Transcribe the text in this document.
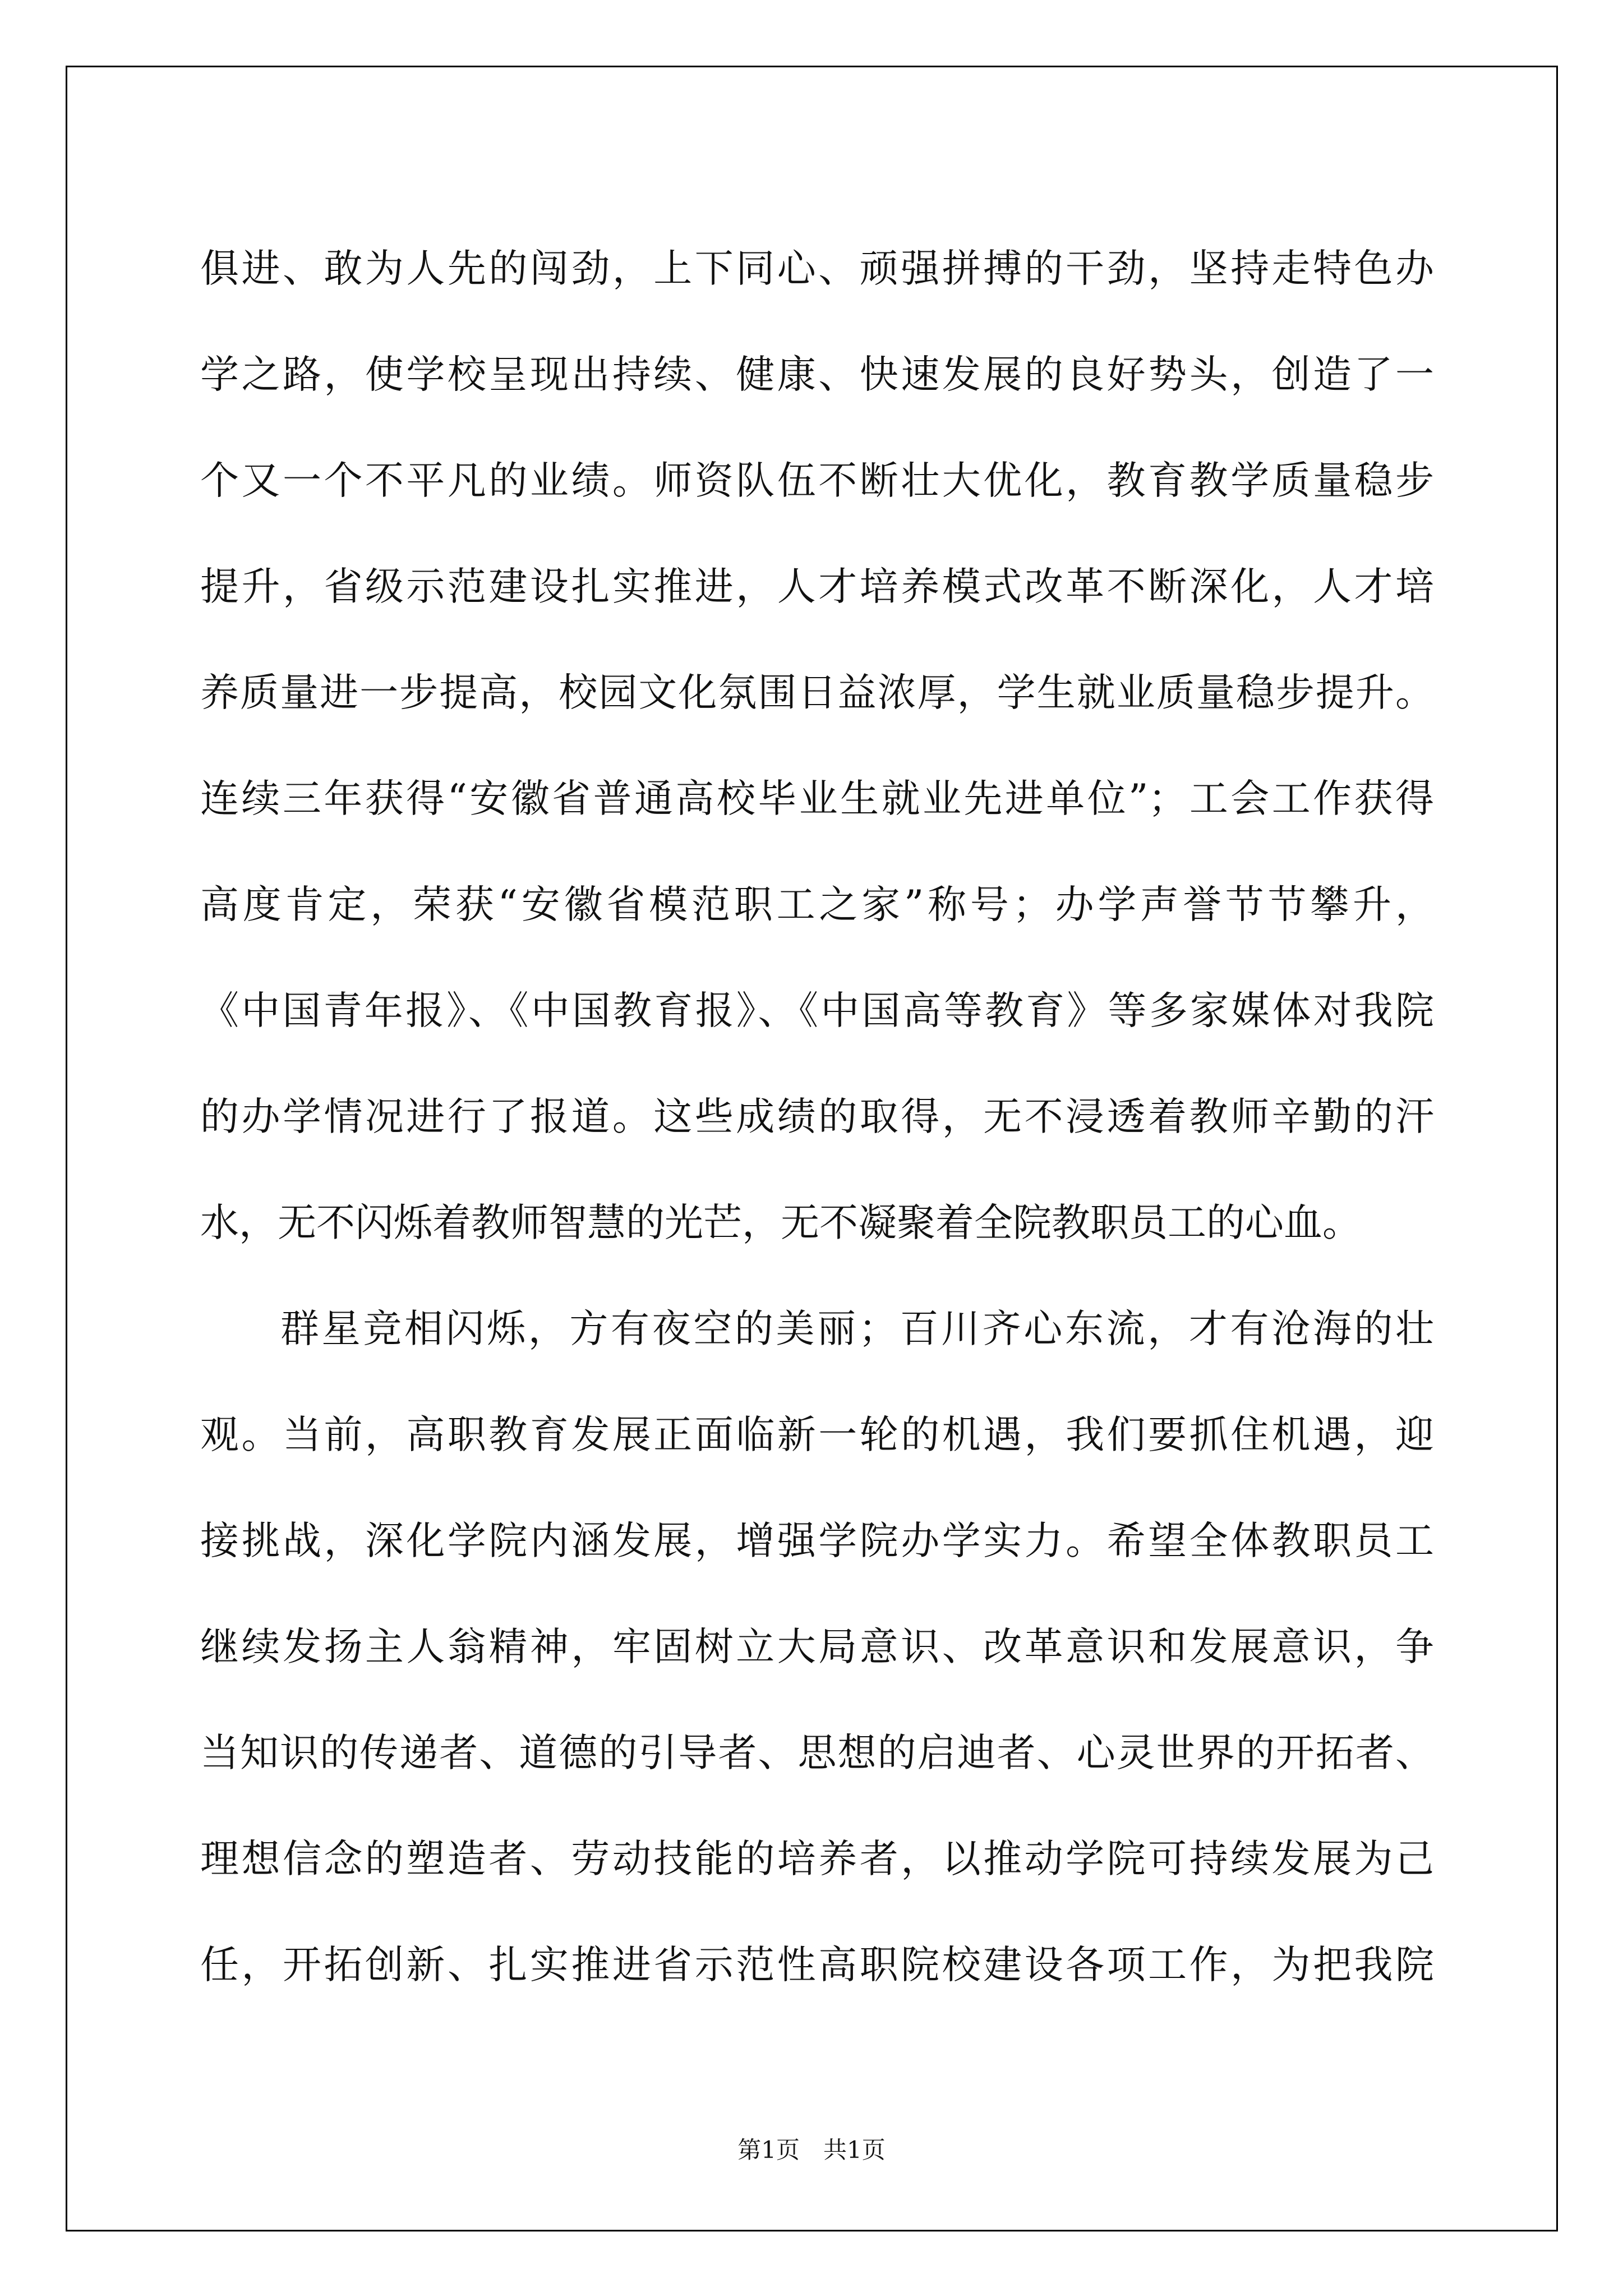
俱进、敢为人先的闯劲，上下同心、顽强拼搏的干劲，坚持走特色办
学之路，使学校呈现出持续、健康、快速发展的良好势头，创造了一
个又一个不平凡的业绩。师资队伍不断壮大优化，教育教学质量稳步
提升，省级示范建设扎实推进，人才培养模式改革不断深化，人才培
养质量进一步提高，校园文化氛围日益浓厚，学生就业质量稳步提升。
连续三年获得“安徽省普通高校毕业生就业先进单位”；工会工作获得
高度肯定，荣获“安徽省模范职工之家”称号；办学声誉节节攀升，
《中国青年报》、《中国教育报》、《中国高等教育》等多家媒体对我院
的办学情况进行了报道。这些成绩的取得，无不浸透着教师辛勤的汗
水，无不闪烁着教师智慧的光芒，无不凝聚着全院教职员工的心血。
群星竞相闪烁，方有夜空的美丽；百川齐心东流，才有沧海的壮
观。当前，高职教育发展正面临新一轮的机遇，我们要抓住机遇，迎
接挑战，深化学院内涵发展，增强学院办学实力。希望全体教职员工
继续发扬主人翁精神，牢固树立大局意识、改革意识和发展意识，争
当知识的传递者、道德的引导者、思想的启迪者、心灵世界的开拓者、
理想信念的塑造者、劳动技能的培养者，以推动学院可持续发展为己
任，开拓创新、扎实推进省示范性高职院校建设各项工作，为把我院
第1页　共1页
